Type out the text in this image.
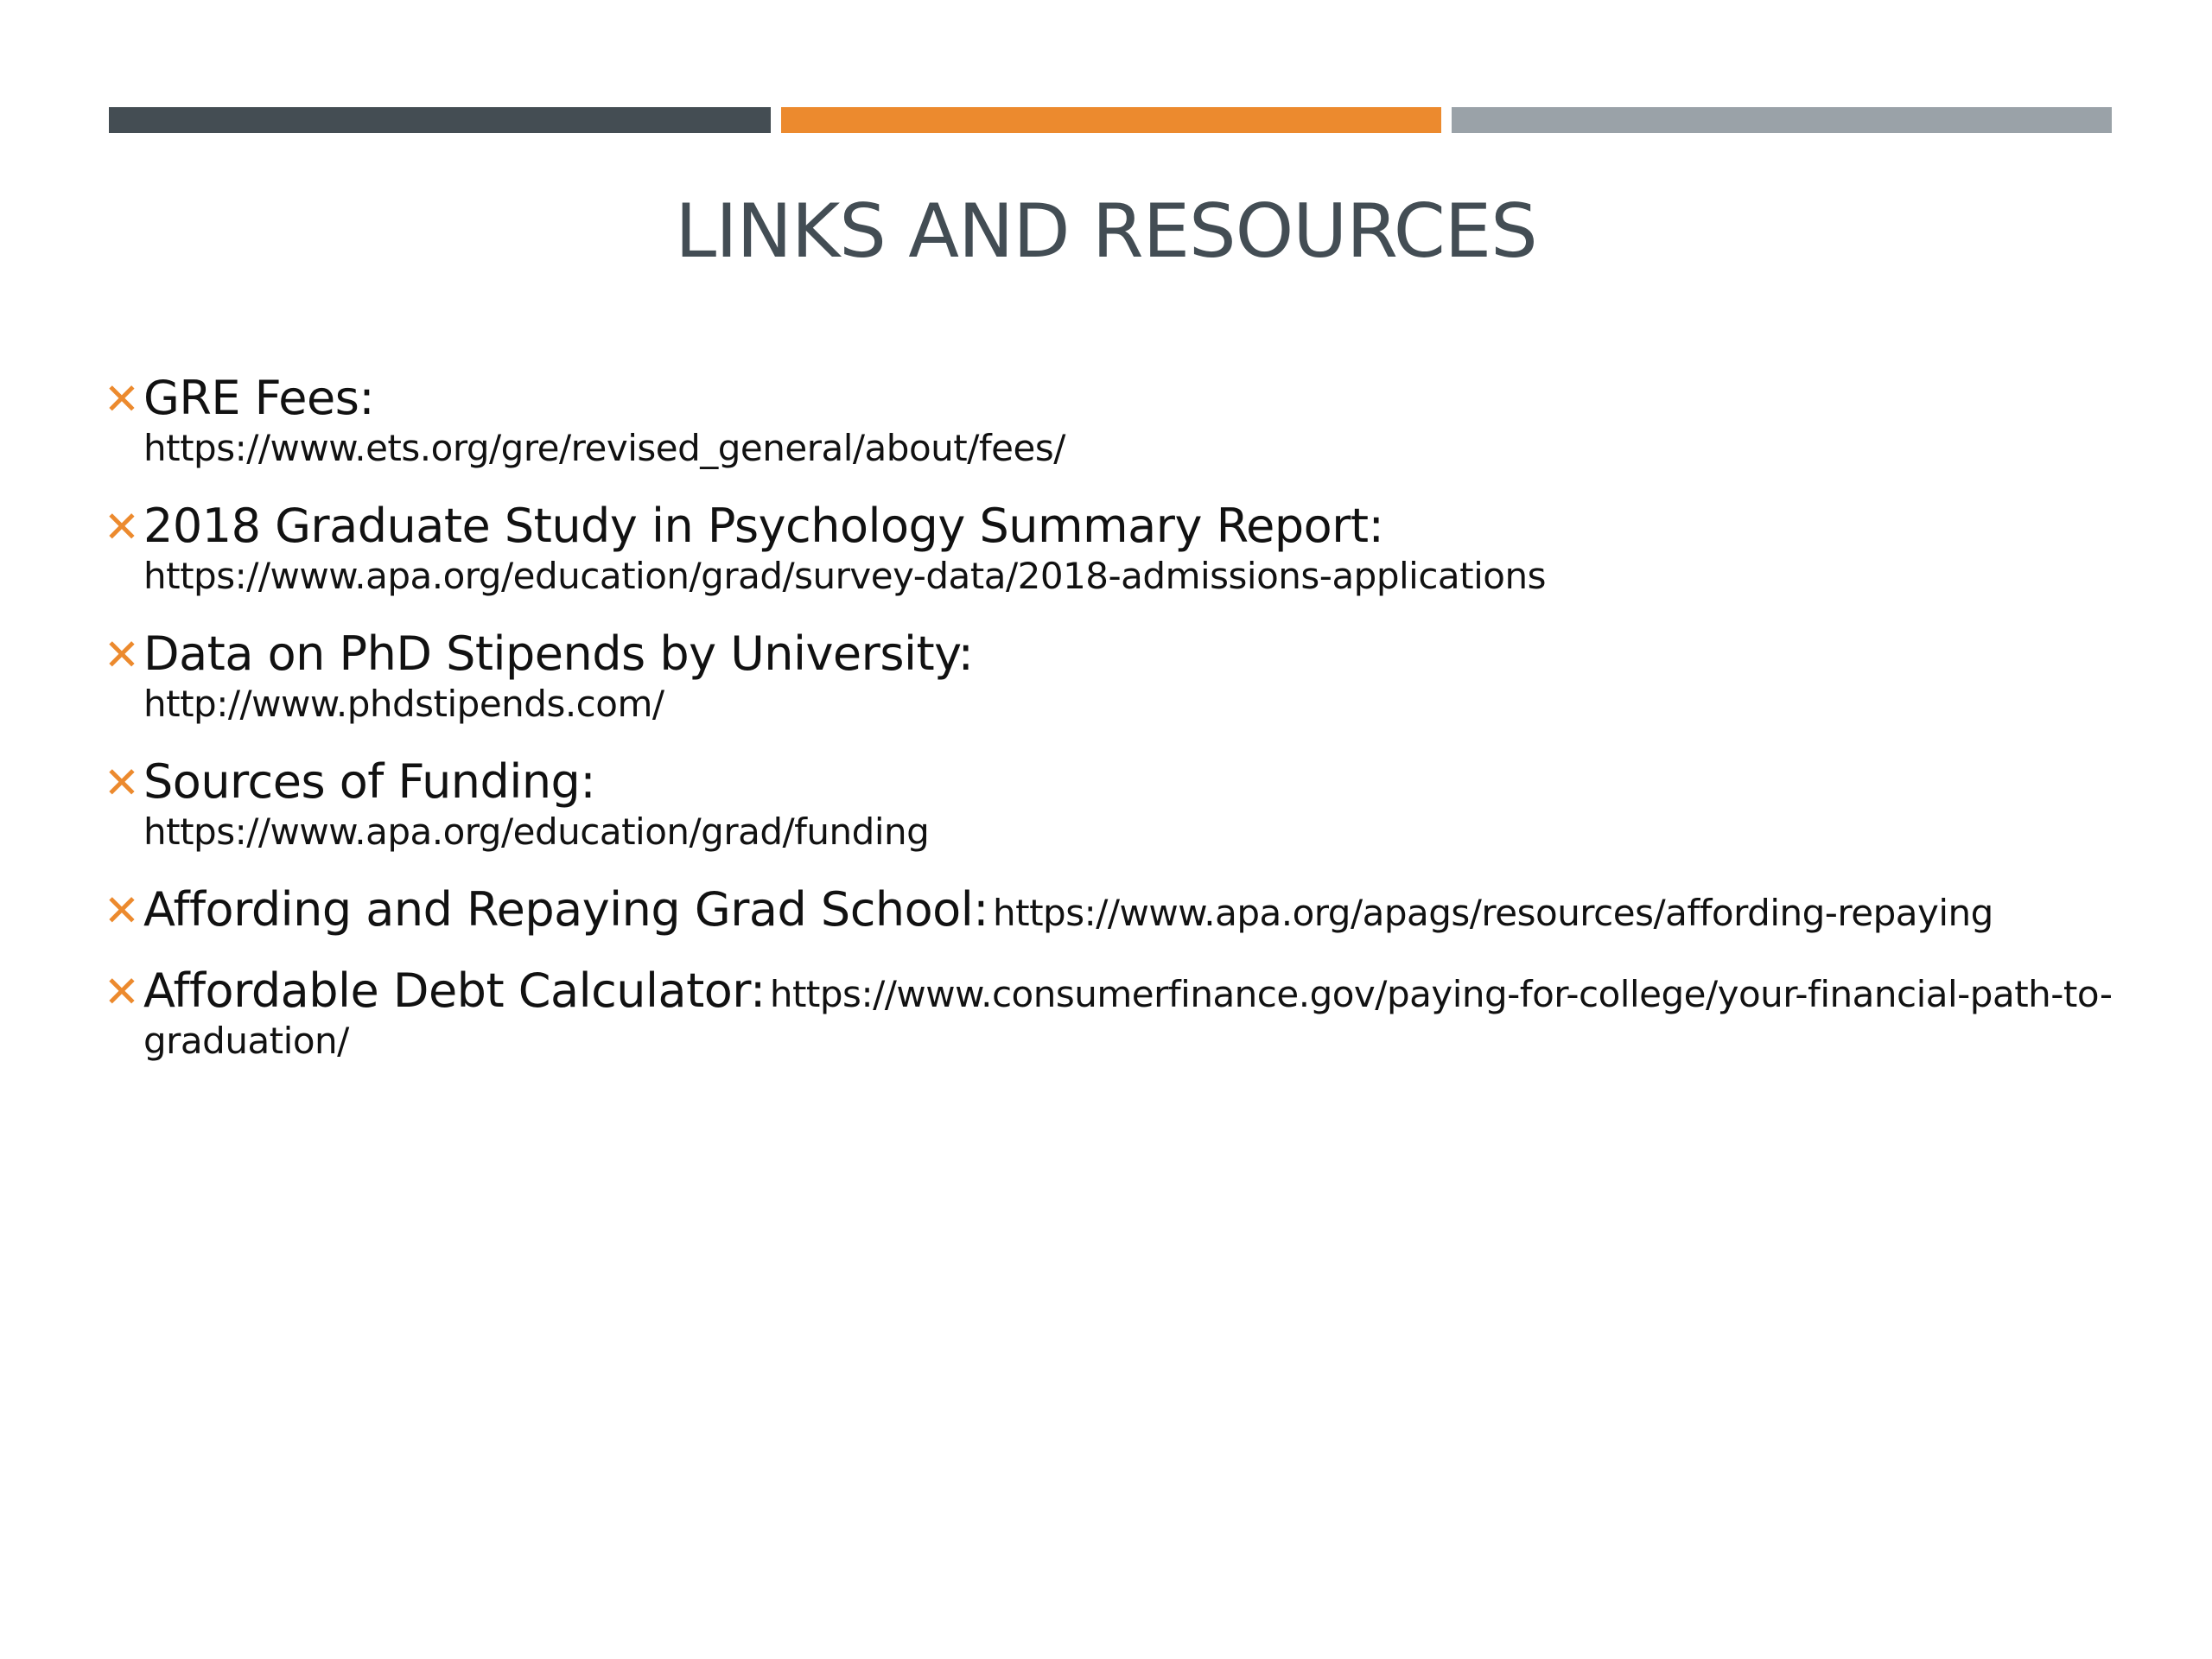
LINKS AND RESOURCES
✕ GRE Fees:
https://www.ets.org/gre/revised_general/about/fees/
✕ 2018 Graduate Study in Psychology Summary Report:
https://www.apa.org/education/grad/survey-data/2018-admissions-applications
✕ Data on PhD Stipends by University:
http://www.phdstipends.com/
✕ Sources of Funding:
https://www.apa.org/education/grad/funding
✕ Affording and Repaying Grad School: https://www.apa.org/apags/resources/affording-repaying
✕ Affordable Debt Calculator: https://www.consumerfinance.gov/paying-for-college/your-financial-path-to-graduation/
